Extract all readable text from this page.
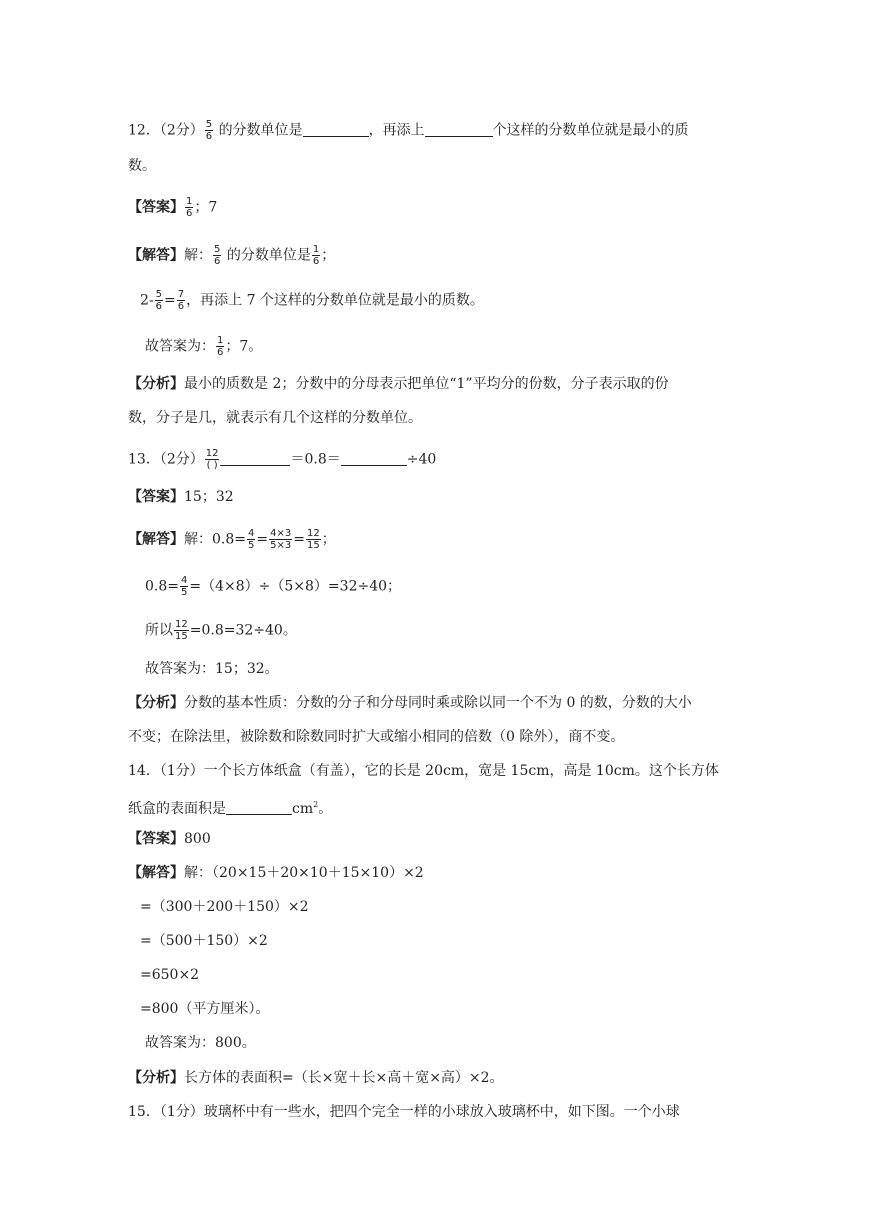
12．（2分） $\frac{5}{6}$ 的分数单位是	，再添上	个这样的分数单位就是最小的质
数。
【答案】 $\frac{1}{6}$ ；7
【解答】解： $\frac{5}{6}$ 的分数单位是 $\frac{1}{6}$ ；
$2- \frac{5}{6} = \frac{7}{6}$ ，再添上 7 个这样的分数单位就是最小的质数。
故答案为： $\frac{1}{6}$ ；7。
【分析】最小的质数是 2；分数中的分母表示把单位“1”平均分的份数，分子表示取的份
数，分子是几，就表示有几个这样的分数单位。
13．（2分） $\frac{12}{( )}$	＝0.8＝	÷40
【答案】15；32
【解答】解：$0.8= \frac{4}{5} = \frac{4\times 3}{5\times 3} = \frac{12}{15}$ ；
$0.8= \frac{4}{5} =(4\times 8)\div(5\times 8)=32\div 40$；
所以 $\frac{12}{15} =0.8=32\div 40$。
故答案为：15；32。
【分析】分数的基本性质：分数的分子和分母同时乘或除以同一个不为 0 的数，分数的大小
不变；在除法里，被除数和除数同时扩大或缩小相同的倍数（0 除外），商不变。
14．（1分）一个长方体纸盒（有盖），它的长是 20cm，宽是 15cm，高是 10cm。这个长方体
纸盒的表面积是	$cm^2$。
【答案】800
【解答】解：（20×15＋20×10＋15×10）×2
=（300＋200＋150）×2
=（500＋150）×2
=650×2
=800（平方厘米）。
故答案为：800。
【分析】长方体的表面积=（长×宽＋长×高＋宽×高）×2。
15．（1分）玻璃杯中有一些水，把四个完全一样的小球放入玻璃杯中，如下图。一个小球
